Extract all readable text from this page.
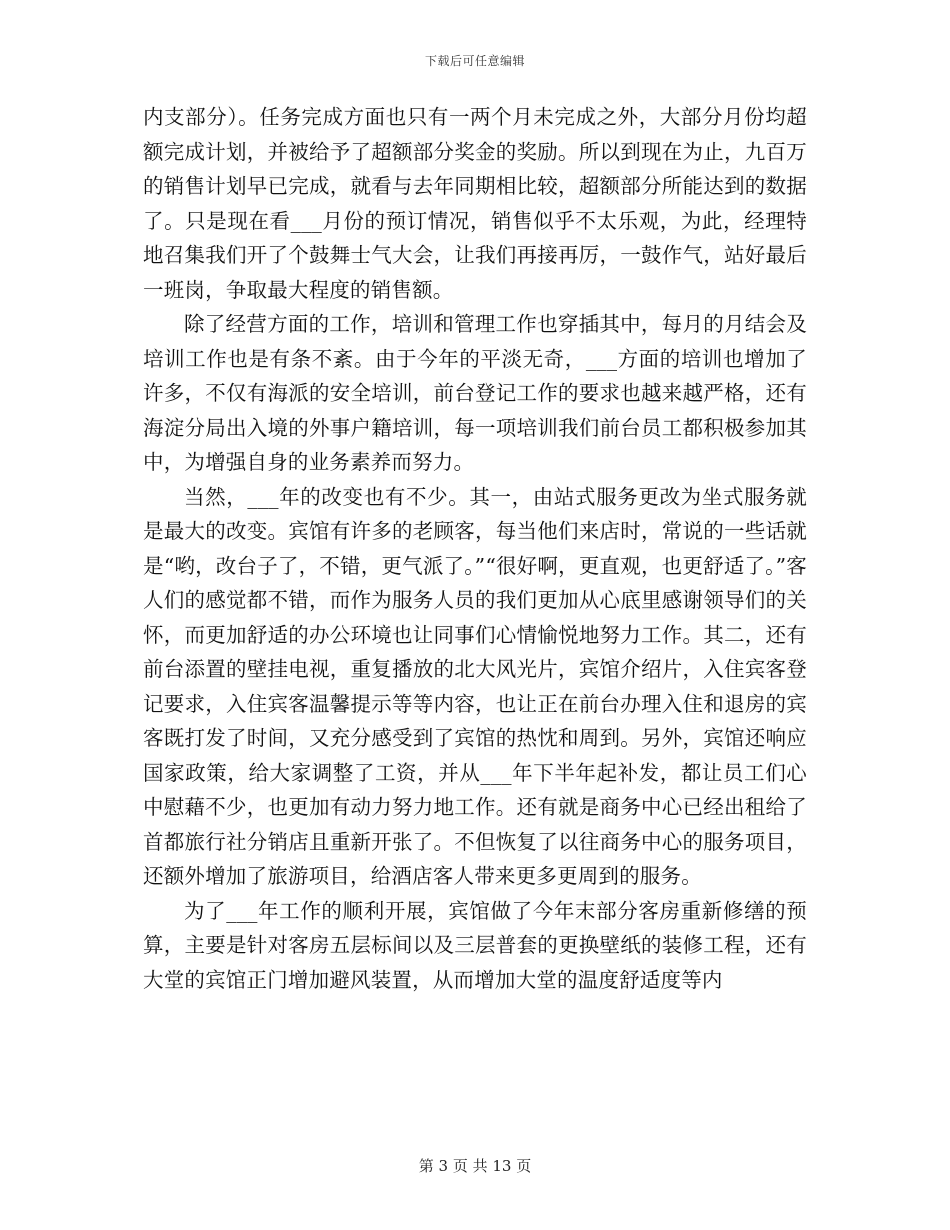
下载后可任意编辑

内支部分）。任务完成方面也只有一两个月未完成之外，大部分月份均超额完成计划，并被给予了超额部分奖金的奖励。所以到现在为止，九百万的销售计划早已完成，就看与去年同期相比较，超额部分所能达到的数据了。只是现在看___月份的预订情况，销售似乎不太乐观，为此，经理特地召集我们开了个鼓舞士气大会，让我们再接再厉，一鼓作气，站好最后一班岗，争取最大程度的销售额。

除了经营方面的工作，培训和管理工作也穿插其中，每月的月结会及培训工作也是有条不紊。由于今年的平淡无奇，___方面的培训也增加了许多，不仅有海派的安全培训，前台登记工作的要求也越来越严格，还有海淀分局出入境的外事户籍培训，每一项培训我们前台员工都积极参加其中，为增强自身的业务素养而努力。

当然，___年的改变也有不少。其一，由站式服务更改为坐式服务就是最大的改变。宾馆有许多的老顾客，每当他们来店时，常说的一些话就是“哟，改台子了，不错，更气派了。”“很好啊，更直观，也更舒适了。”客人们的感觉都不错，而作为服务人员的我们更加从心底里感谢领导们的关怀，而更加舒适的办公环境也让同事们心情愉悦地努力工作。其二，还有前台添置的壁挂电视，重复播放的北大风光片，宾馆介绍片，入住宾客登记要求，入住宾客温馨提示等等内容，也让正在前台办理入住和退房的宾客既打发了时间，又充分感受到了宾馆的热忱和周到。另外，宾馆还响应国家政策，给大家调整了工资，并从___年下半年起补发，都让员工们心中慰藉不少，也更加有动力努力地工作。还有就是商务中心已经出租给了首都旅行社分销店且重新开张了。不但恢复了以往商务中心的服务项目，还额外增加了旅游项目，给酒店客人带来更多更周到的服务。

为了___年工作的顺利开展，宾馆做了今年末部分客房重新修缮的预算，主要是针对客房五层标间以及三层普套的更换壁纸的装修工程，还有大堂的宾馆正门增加避风装置，从而增加大堂的温度舒适度等内

第 3 页 共 13 页
